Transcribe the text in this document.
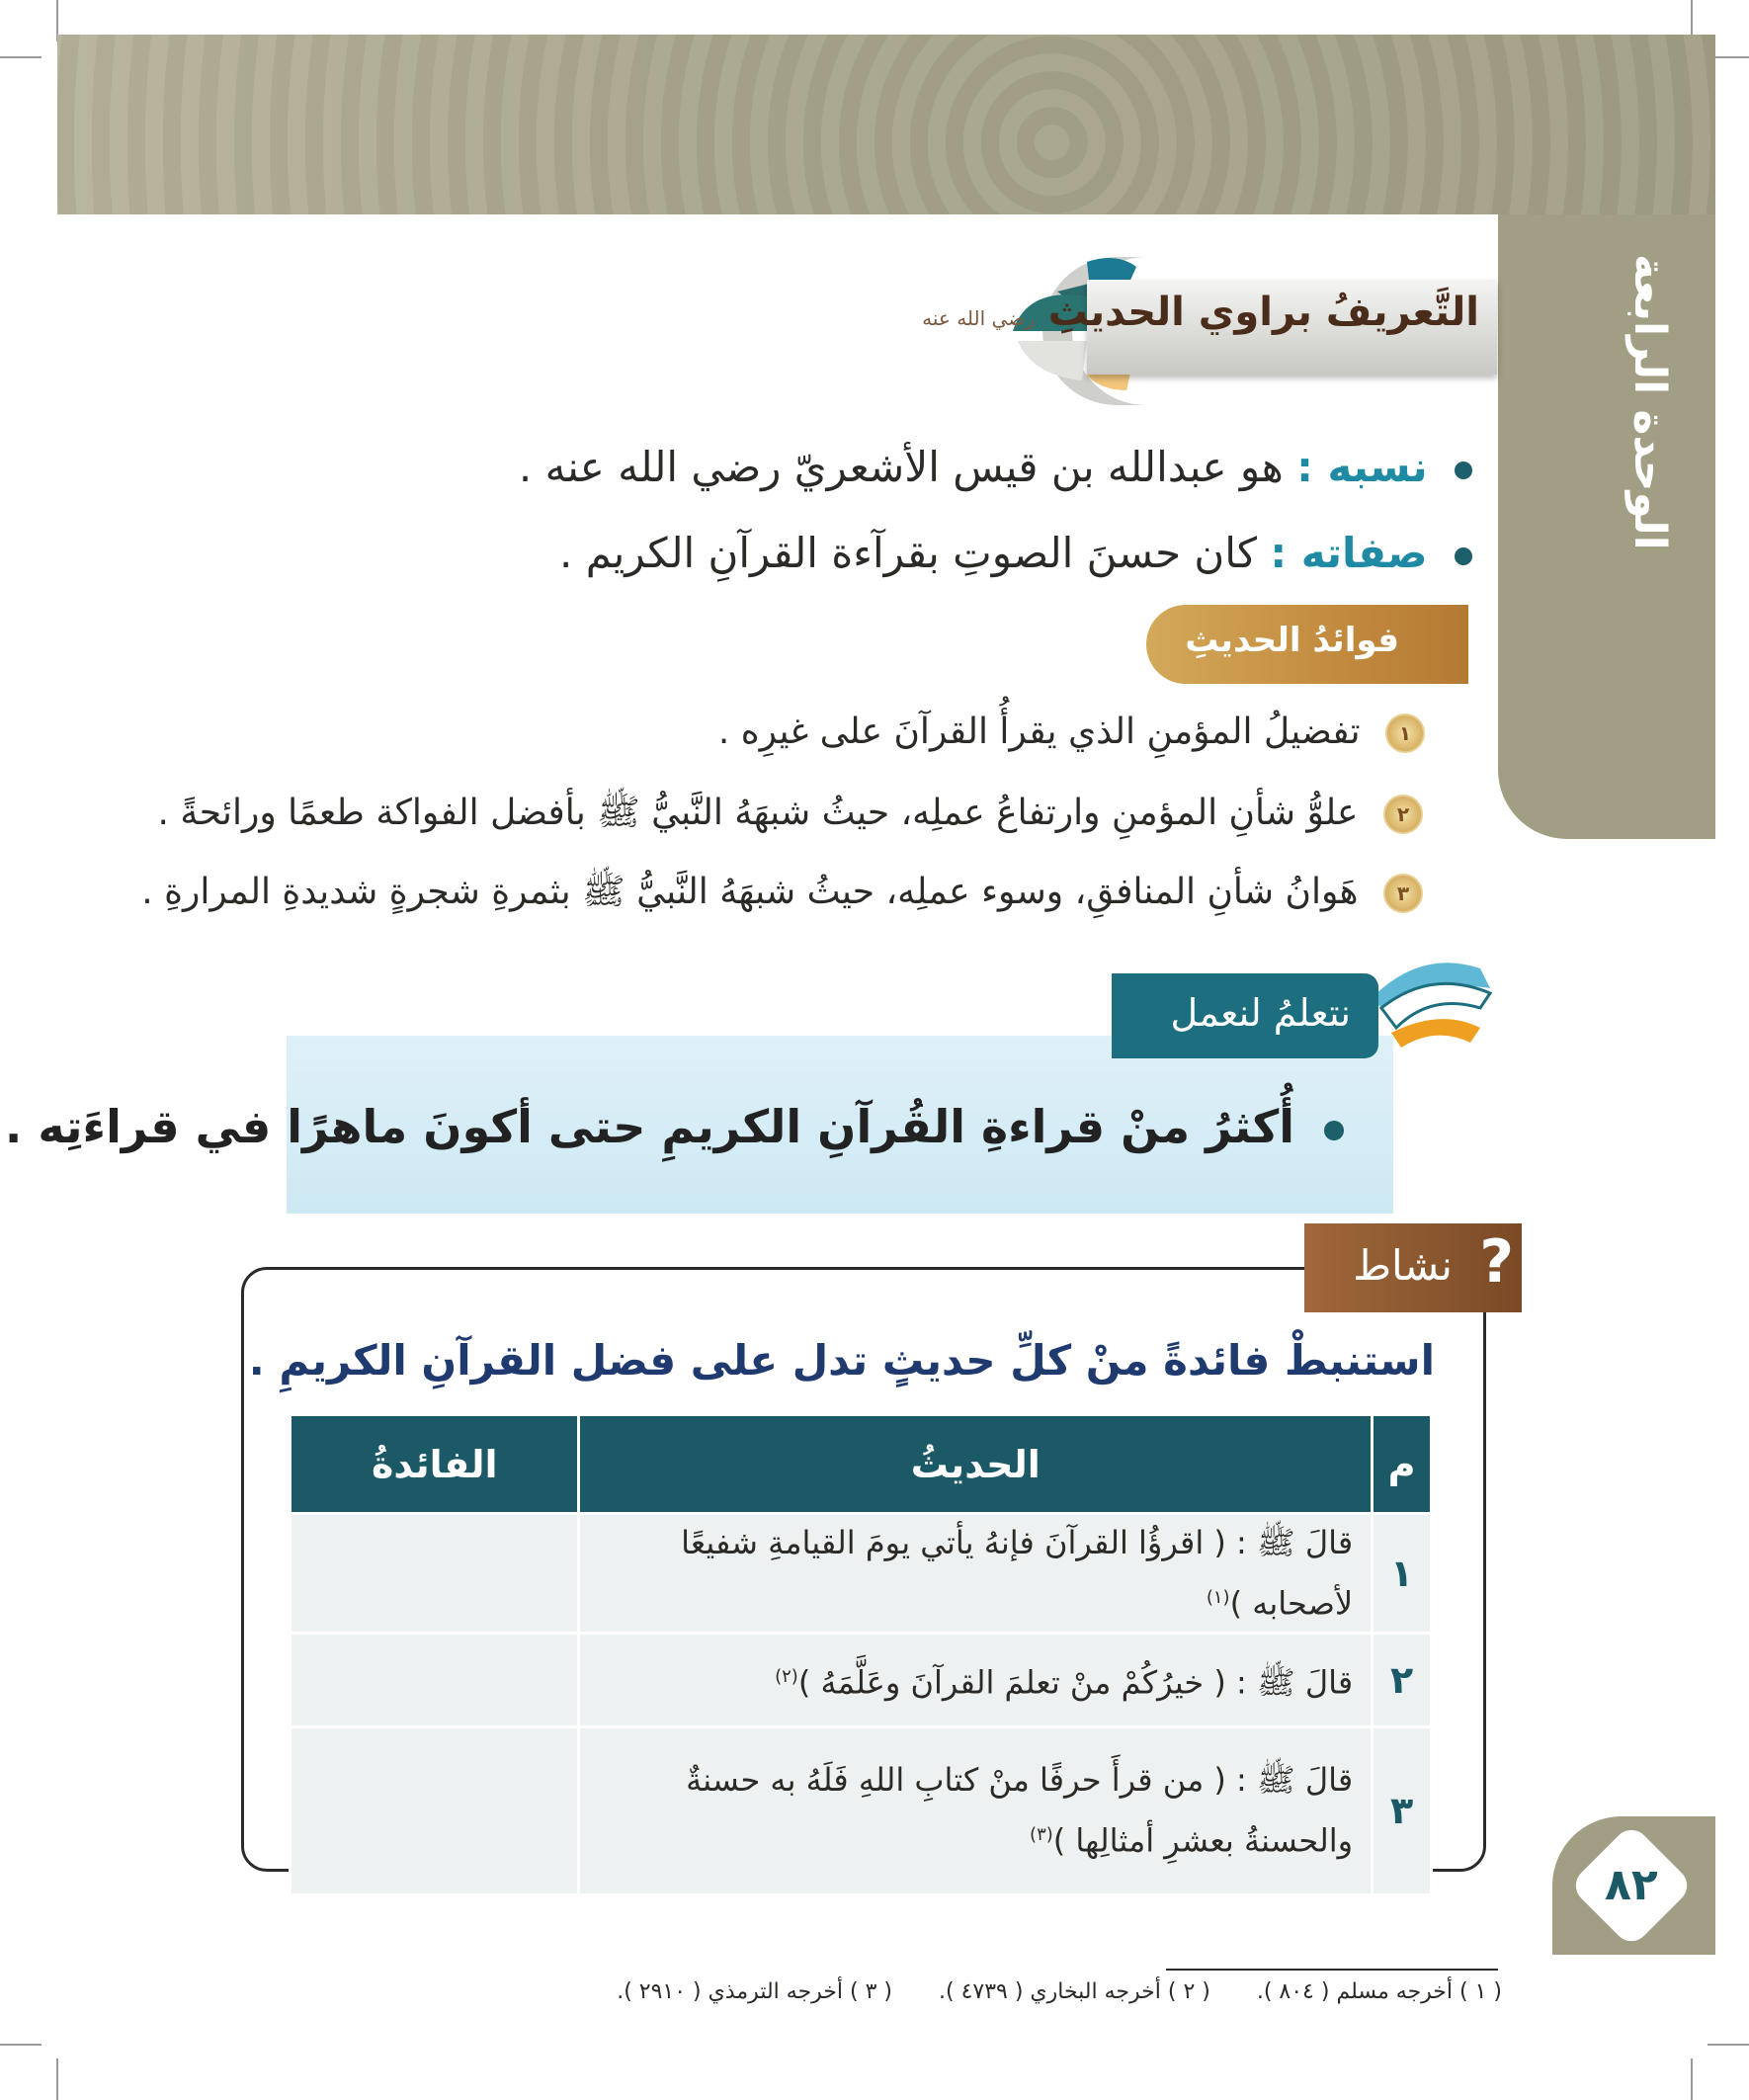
الوحدة الرابعة
التَّعريفُ براوي الحديثِ رضي الله عنه
نسبه : هو عبدالله بن قيس الأشعريّ رضي الله عنه .
صفاته : كان حسنَ الصوتِ بقرآءة القرآنِ الكريم .
فوائدُ الحديثِ
١ تفضيلُ المؤمنِ الذي يقرأُ القرآنَ على غيرِه .
٢ علوُّ شأنِ المؤمنِ وارتفاعُ عملِه، حيثُ شبهَهُ النَّبيُّ ﷺ بأفضل الفواكة طعمًا ورائحةً .
٣ هَوانُ شأنِ المنافقِ، وسوء عملِه، حيثُ شبهَهُ النَّبيُّ ﷺ بثمرةِ شجرةٍ شديدةِ المرارةِ .
نتعلمُ لنعمل
أُكثرُ منْ قراءةِ القُرآنِ الكريمِ حتى أكونَ ماهرًا في قراءَتِه .
نشاط ?
استنبطْ فائدةً منْ كلِّ حديثٍ تدل على فضل القرآنِ الكريمِ .
م	الحديثُ	الفائدةُ
١	قالَ ﷺ : ( اقرؤُا القرآنَ فإنهُ يأتي يومَ القيامةِ شفيعًا لأصحابه )$^{(١)}$	
٢	قالَ ﷺ : ( خيرُكُمْ منْ تعلمَ القرآنَ وعَلَّمَهُ )$^{(٢)}$	
٣	قالَ ﷺ : ( من قرأَ حرفًا منْ كتابِ اللهِ فَلَهُ به حسنةٌ والحسنةُ بعشرِ أمثالِها )$^{(٣)}$	
٨٢
( ١ ) أخرجه مسلم ( ٨٠٤ ). ( ٢ ) أخرجه البخاري ( ٤٧٣٩ ). ( ٣ ) أخرجه الترمذي ( ٢٩١٠ ).
